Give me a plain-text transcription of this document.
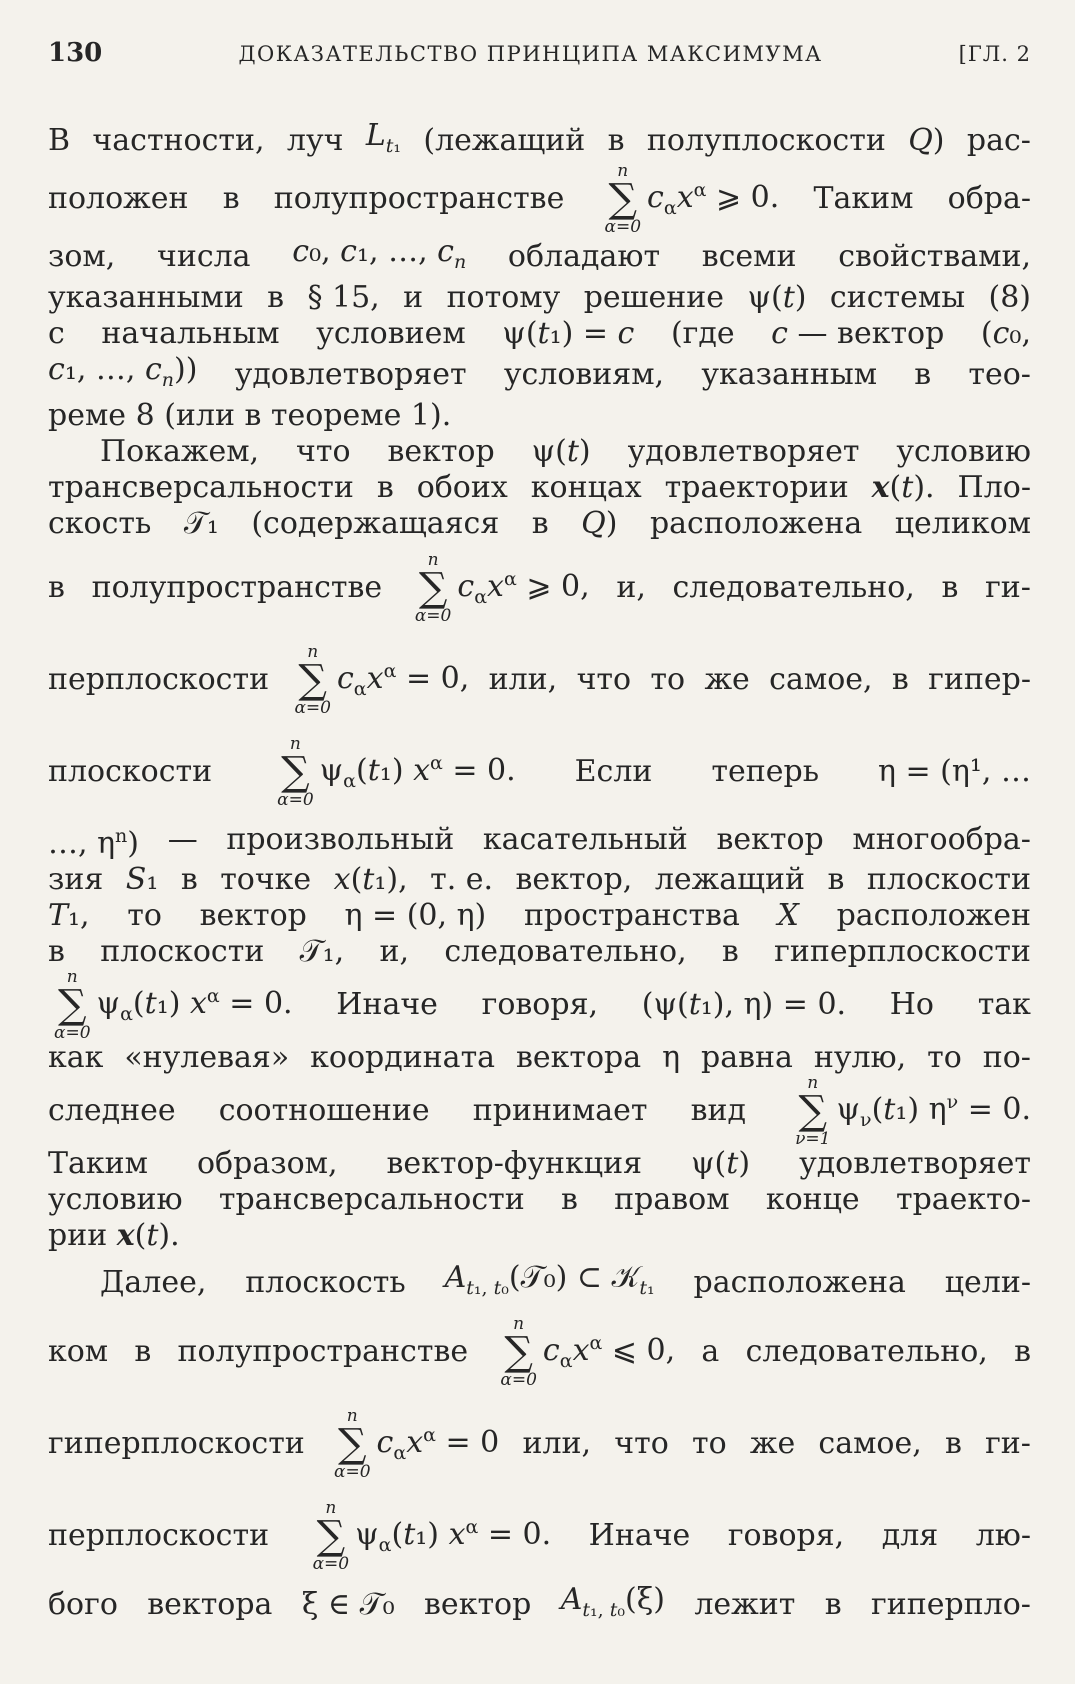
130	ДОКАЗАТЕЛЬСТВО ПРИНЦИПА МАКСИМУМА	[ГЛ. 2
В частности, луч $L_{t_1}$ (лежащий в полуплоскости Q) рас-
положен в полупространстве
n
∑
α=0
$c_\alpha x^\alpha$ ⩾ 0. Таким обра-
зом, числа c₀, c₁, …, $c_n$ обладают всеми свойствами,
указанными в § 15, и потому решение ψ(t) системы (8)
с начальным условием ψ(t₁) = c (где c — вектор (c₀,
c₁, …, $c_n$)) удовлетворяет условиям, указанным в тео-
реме 8 (или в теореме 1).
Покажем, что вектор ψ(t) удовлетворяет условию
трансверсальности в обоих концах траектории x(t). Пло-
скость 𝒯₁ (содержащаяся в Q) расположена целиком
в полупространстве
n
∑
α=0
$c_\alpha x^\alpha$ ⩾ 0, и, следовательно, в ги-
перплоскости
n
∑
α=0
$c_\alpha x^\alpha = 0$, или, что то же самое, в гипер-
плоскости
n
∑
α=0
$\psi_\alpha(t_1) x^\alpha = 0$. Если теперь η = (η¹, …
…, $\eta^n$) — произвольный касательный вектор многообра-
зия S₁ в точке x(t₁), т. е. вектор, лежащий в плоскости
T₁, то вектор η = (0, η) пространства X расположен
в плоскости 𝒯₁, и, следовательно, в гиперплоскости
n
∑
α=0
$\psi_\alpha(t_1) x^\alpha = 0$. Иначе говоря, (ψ(t₁), η) = 0. Но так
как «нулевая» координата вектора η равна нулю, то по-
следнее соотношение принимает вид
n
∑
ν=1
$\psi_\nu(t_1) \eta^\nu = 0$.
Таким образом, вектор-функция ψ(t) удовлетворяет
условию трансверсальности в правом конце траекто-
рии x(t).
Далее, плоскость $A_{t_1, t_0}(𝒯_0)$ ⊂ 𝒦$_{t_1}$ расположена цели-
ком в полупространстве
n
∑
α=0
$c_\alpha x^\alpha$ ⩽ 0, а следовательно, в
гиперплоскости
n
∑
α=0
$c_\alpha x^\alpha = 0$ или, что то же самое, в ги-
перплоскости
n
∑
α=0
$\psi_\alpha(t_1) x^\alpha = 0$. Иначе говоря, для лю-
бого вектора ξ ∈ 𝒯₀ вектор $A_{t_1, t_0}(\xi)$ лежит в гиперпло-
